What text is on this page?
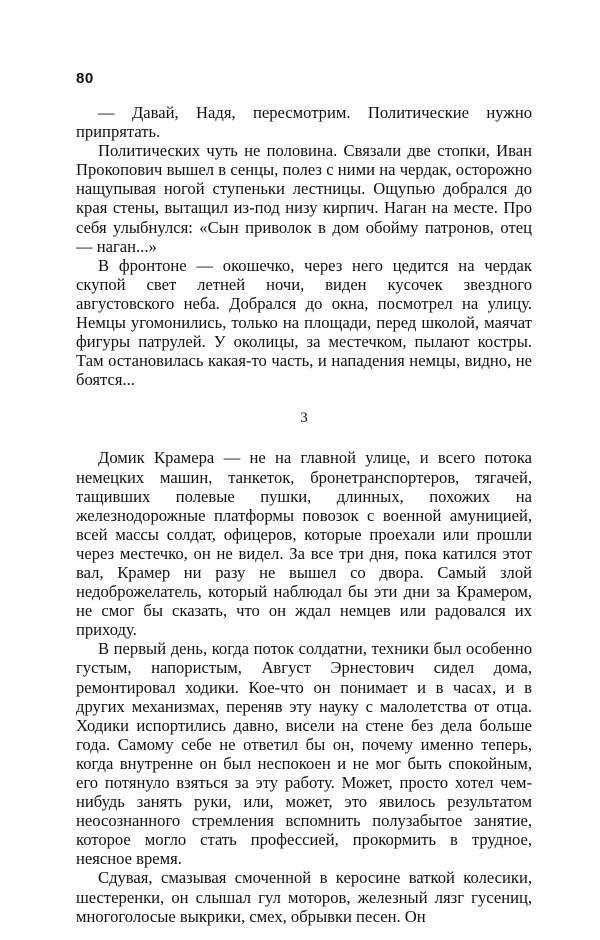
80

— Давай, Надя, пересмотрим. Политические нужно припрятать.

Политических чуть не половина. Связали две стопки, Иван Прокопович вышел в сенцы, полез с ними на чердак, осторожно нащупывая ногой ступеньки лестницы. Ощупью добрался до края стены, вытащил из-под низу кирпич. Наган на месте. Про себя улыбнулся: «Сын приволок в дом обойму патронов, отец — наган...»

В фронтоне — окошечко, через него цедится на чердак скупой свет летней ночи, виден кусочек звездного августовского неба. Добрался до окна, посмотрел на улицу. Немцы угомонились, только на площади, перед школой, маячат фигуры патрулей. У околицы, за местечком, пылают костры. Там остановилась какая-то часть, и нападения немцы, видно, не боятся...

3

Домик Крамера — не на главной улице, и всего потока немецких машин, танкеток, бронетранспортеров, тягачей, тащивших полевые пушки, длинных, похожих на железнодорожные платформы повозок с военной амуницией, всей массы солдат, офицеров, которые проехали или прошли через местечко, он не видел. За все три дня, пока катился этот вал, Крамер ни разу не вышел со двора. Самый злой недоброжелатель, который наблюдал бы эти дни за Крамером, не смог бы сказать, что он ждал немцев или радовался их приходу.

В первый день, когда поток солдатни, техники был особенно густым, напористым, Август Эрнестович сидел дома, ремонтировал ходики. Кое-что он понимает и в часах, и в других механизмах, переняв эту науку с малолетства от отца. Ходики испортились давно, висели на стене без дела больше года. Самому себе не ответил бы он, почему именно теперь, когда внутренне он был неспокоен и не мог быть спокойным, его потянуло взяться за эту работу. Может, просто хотел чем-нибудь занять руки, или, может, это явилось результатом неосознанного стремления вспомнить полузабытое занятие, которое могло стать профессией, прокормить в трудное, неясное время.

Сдувая, смазывая смоченной в керосине ваткой колесики, шестеренки, он слышал гул моторов, железный лязг гусениц, многоголосые выкрики, смех, обрывки песен. Он
